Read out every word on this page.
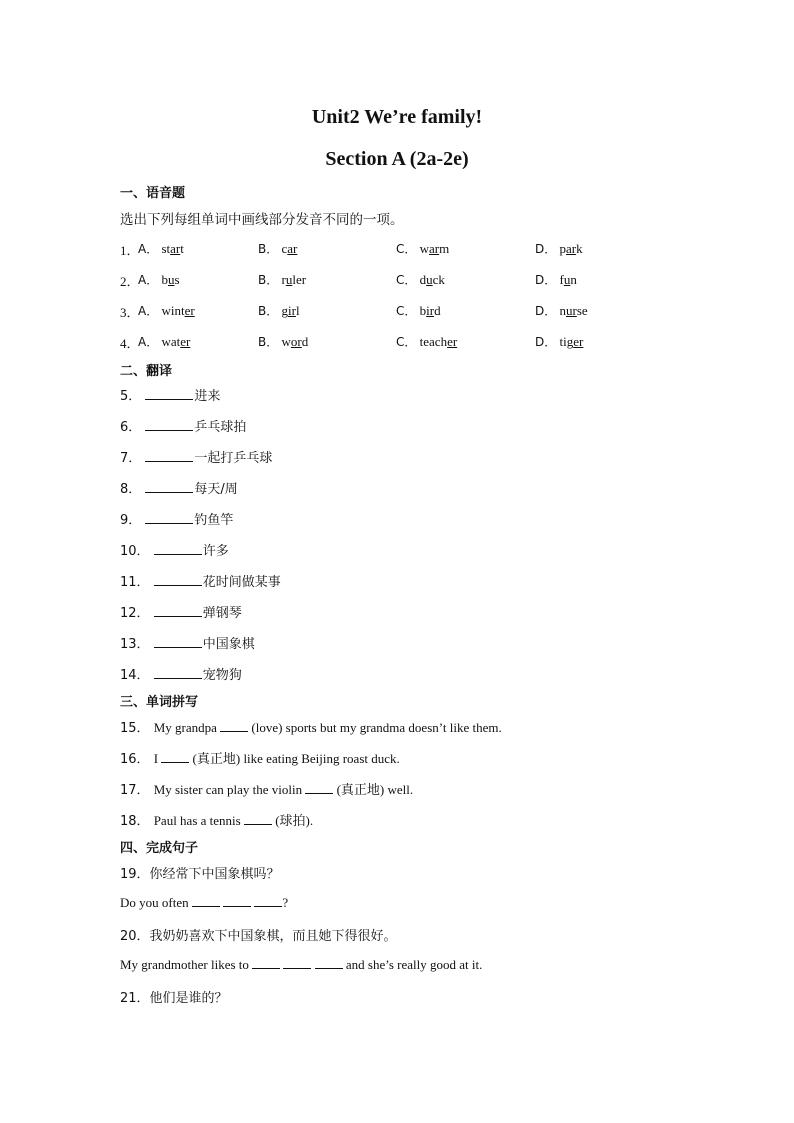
Unit2 We’re family!
Section A (2a-2e)
一、语音题
选出下列每组单词中画线部分发音不同的一项。
1．
A． start	B． car	C． warm	D． park
2．
A． bus	B． ruler	C． duck	D． fun
3．
A． winter	B． girl	C． bird	D． nurse
4．
A． water	B． word	C． teacher	D． tiger
二、翻译
5．	进来
6．	乒乓球拍
7．	一起打乒乓球
8．	每天/周
9．	钓鱼竿
10．	许多
11．	花时间做某事
12．	弹钢琴
13．	中国象棋
14．	宠物狗
三、单词拼写
15． My grandpa  (love) sports but my grandma doesn’t like them.
16． I  (真正地) like eating Beijing roast duck.
17． My sister can play the violin  (真正地) well.
18． Paul has a tennis  (球拍).
四、完成句子
19．你经常下中国象棋吗？
Do you often	?
20．我奶奶喜欢下中国象棋，而且她下得很好。
My grandmother likes to	and she’s really good at it.
21．他们是谁的？
